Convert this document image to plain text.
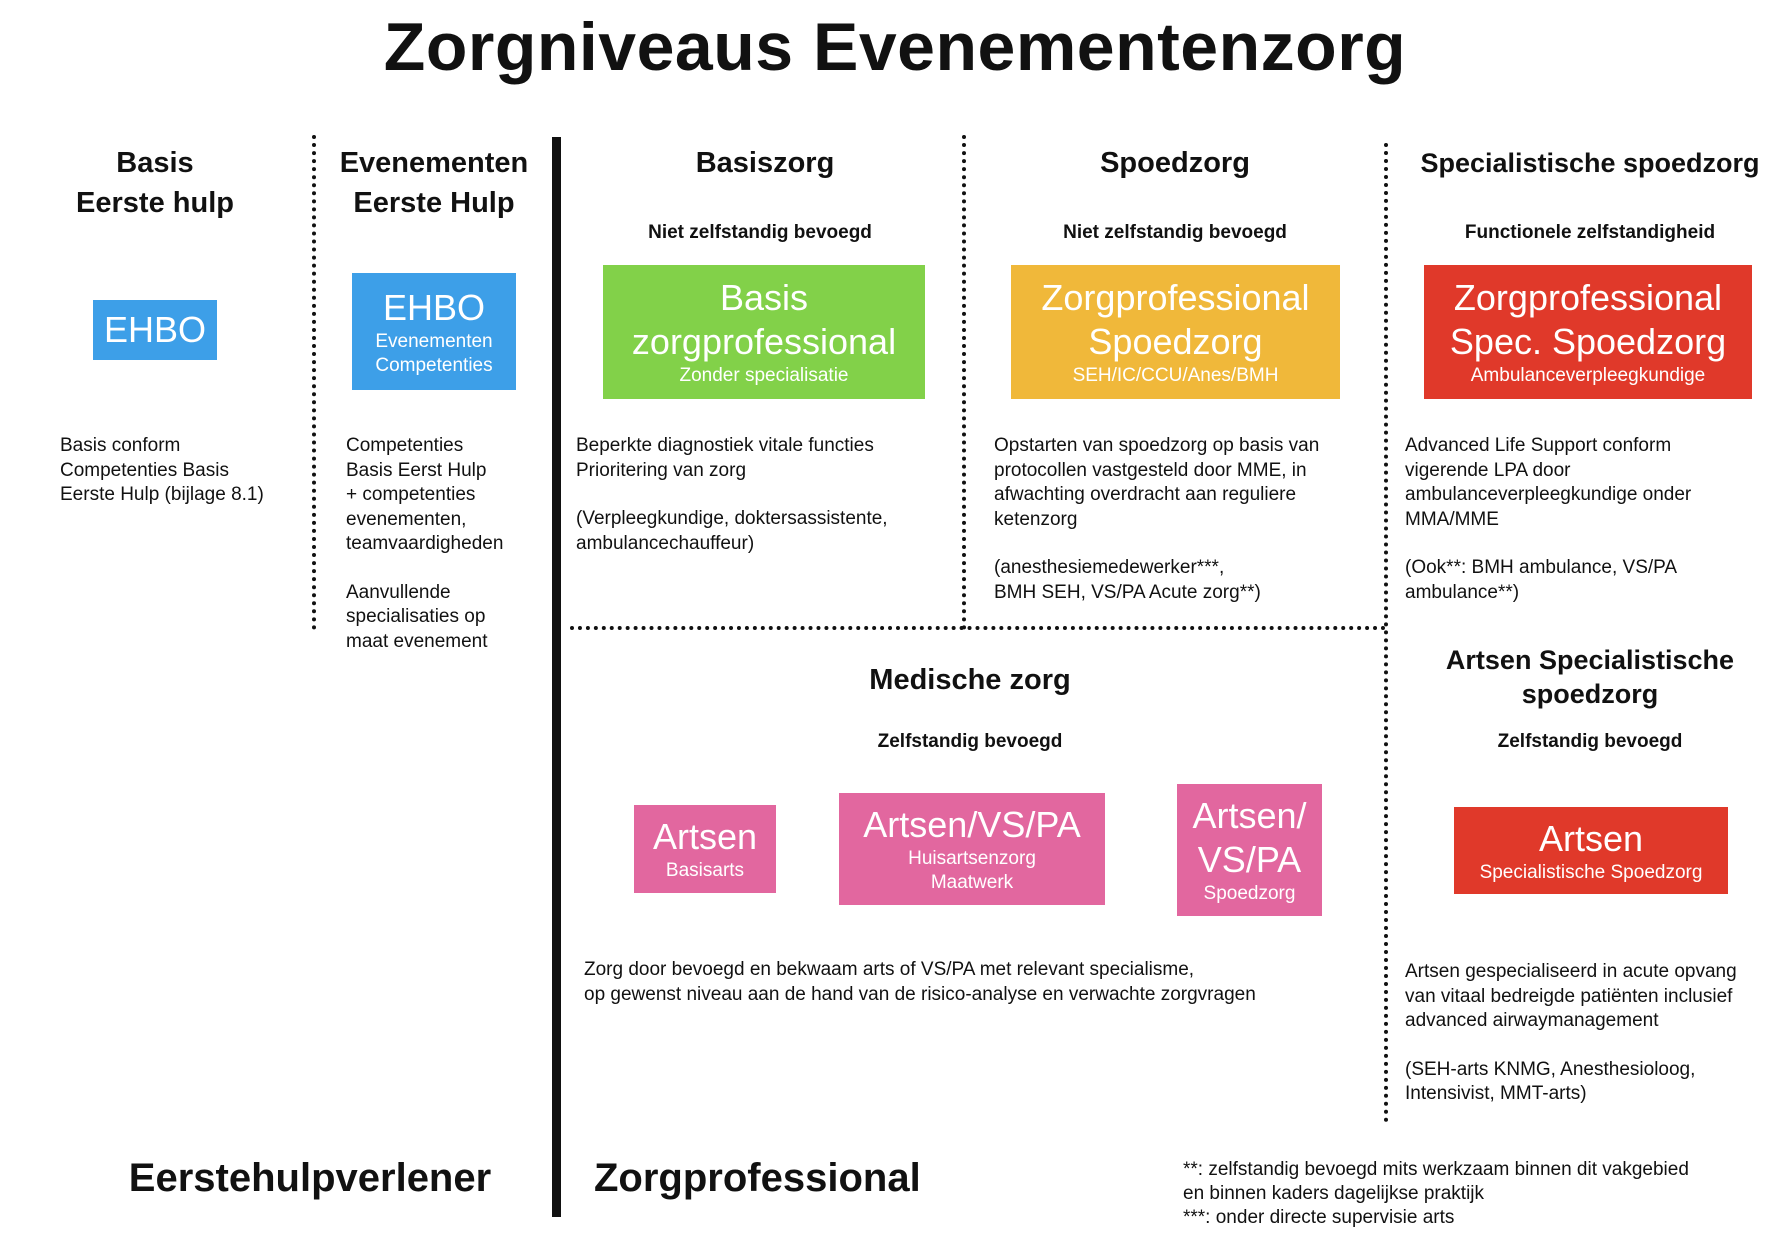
Zorgniveaus Evenementenzorg
Basis
Eerste hulp
EHBO
Basis conform
Competenties Basis
Eerste Hulp (bijlage 8.1)
Evenementen
Eerste Hulp
EHBO
Evenementen
Competenties

Competenties
Basis Eerst Hulp
+ competenties
evenementen,
teamvaardigheden

Aanvullende
specialisaties op
maat evenement

Basiszorg
Niet zelfstandig bevoegd
Basis
zorgprofessional
Zonder specialisatie

Beperkte diagnostiek vitale functies
Prioritering van zorg

(Verpleegkundige, doktersassistente,
ambulancechauffeur)

Spoedzorg
Niet zelfstandig bevoegd
Zorgprofessional
Spoedzorg
SEH/IC/CCU/Anes/BMH

Opstarten van spoedzorg op basis van
protocollen vastgesteld door MME, in
afwachting overdracht aan reguliere
ketenzorg

(anesthesiemedewerker***,
BMH SEH, VS/PA Acute zorg**)

Specialistische spoedzorg
Functionele zelfstandigheid
Zorgprofessional
Spec. Spoedzorg
Ambulanceverpleegkundige

Advanced Life Support conform
vigerende LPA door
ambulanceverpleegkundige onder
MMA/MME

(Ook**: BMH ambulance, VS/PA
ambulance**)

Medische zorg
Zelfstandig bevoegd
Artsen
Basisarts
Artsen/VS/PA
Huisartsenzorg
Maatwerk
Artsen/
VS/PA
Spoedzorg
Zorg door bevoegd en bekwaam arts of VS/PA met relevant specialisme,
op gewenst niveau aan de hand van de risico-analyse en verwachte zorgvragen
Artsen Specialistische
spoedzorg
Zelfstandig bevoegd
Artsen
Specialistische Spoedzorg

Artsen gespecialiseerd in acute opvang
van vitaal bedreigde patiënten inclusief
advanced airwaymanagement

(SEH-arts KNMG, Anesthesioloog,
Intensivist, MMT-arts)

Eerstehulpverlener	Zorgprofessional	**: zelfstandig bevoegd mits werkzaam binnen dit vakgebied
en binnen kaders dagelijkse praktijk
***: onder directe supervisie arts
